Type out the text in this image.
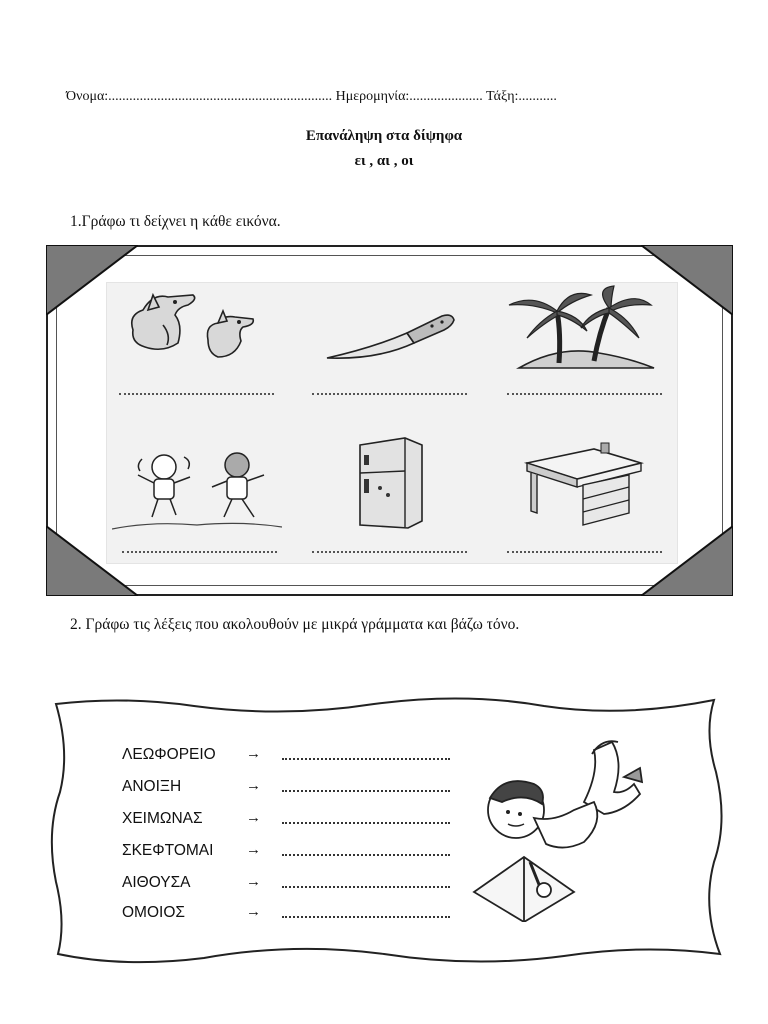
Όνομα:................................................................ Ημερομηνία:..................... Τάξη:...........
Επανάληψη στα δίψηφα
ει , αι , οι
1.Γράφω τι δείχνει η κάθε εικόνα.
2. Γράφω τις λέξεις που ακολουθούν με μικρά γράμματα και βάζω τόνο.
ΛΕΩΦΟΡΕΙΟ →
ΑΝΟΙΞΗ	→
ΧΕΙΜΩΝΑΣ	→
ΣΚΕΦΤΟΜΑΙ →
ΑΙΘΟΥΣΑ	→
ΟΜΟΙΟΣ	→
